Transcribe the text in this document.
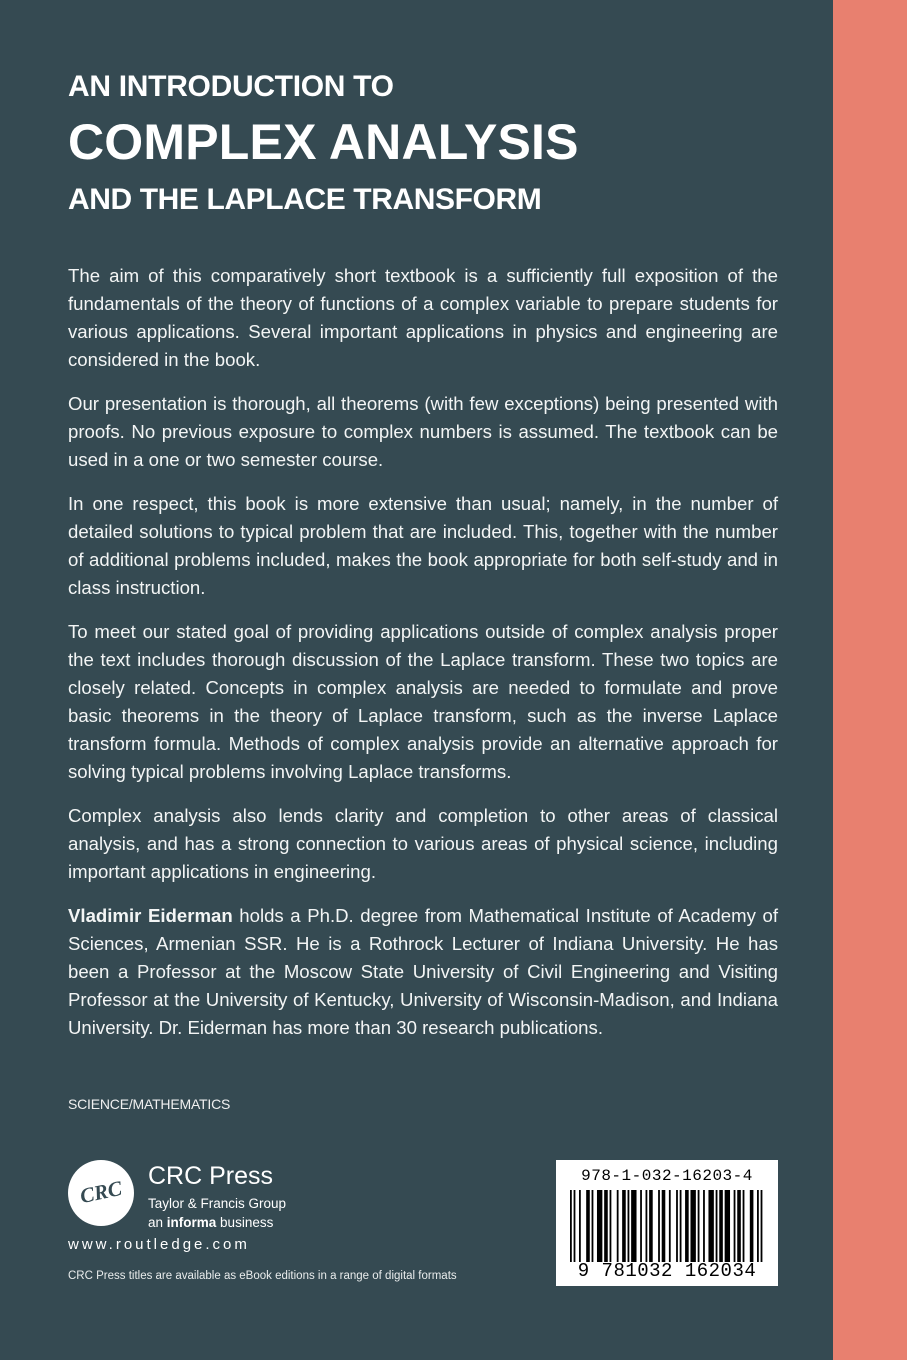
AN INTRODUCTION TO
COMPLEX ANALYSIS
AND THE LAPLACE TRANSFORM

The aim of this comparatively short textbook is a sufficiently full exposition of the fundamentals of the theory of functions of a complex variable to prepare students for various applications. Several important applications in physics and engineering are considered in the book.

Our presentation is thorough, all theorems (with few exceptions) being presented with proofs. No previous exposure to complex numbers is assumed. The textbook can be used in a one or two semester course.

In one respect, this book is more extensive than usual; namely, in the number of detailed solutions to typical problem that are included. This, together with the number of additional problems included, makes the book appropriate for both self-study and in class instruction.

To meet our stated goal of providing applications outside of complex analysis proper the text includes thorough discussion of the Laplace transform. These two topics are closely related. Concepts in complex analysis are needed to formulate and prove basic theorems in the theory of Laplace transform, such as the inverse Laplace transform formula. Methods of complex analysis provide an alternative approach for solving typical problems involving Laplace transforms.

Complex analysis also lends clarity and completion to other areas of classical analysis, and has a strong connection to various areas of physical science, including important applications in engineering.

Vladimir Eiderman holds a Ph.D. degree from Mathematical Institute of Academy of Sciences, Armenian SSR. He is a Rothrock Lecturer of Indiana University. He has been a Professor at the Moscow State University of Civil Engineering and Visiting Professor at the University of Kentucky, University of Wisconsin-Madison, and Indiana University. Dr. Eiderman has more than 30 research publications.

SCIENCE/MATHEMATICS
CRC CRC Press
Taylor & Francis Group
an informa business
www.routledge.com
CRC Press titles are available as eBook editions in a range of digital formats
978-1-032-16203-4
9 781032 162034
